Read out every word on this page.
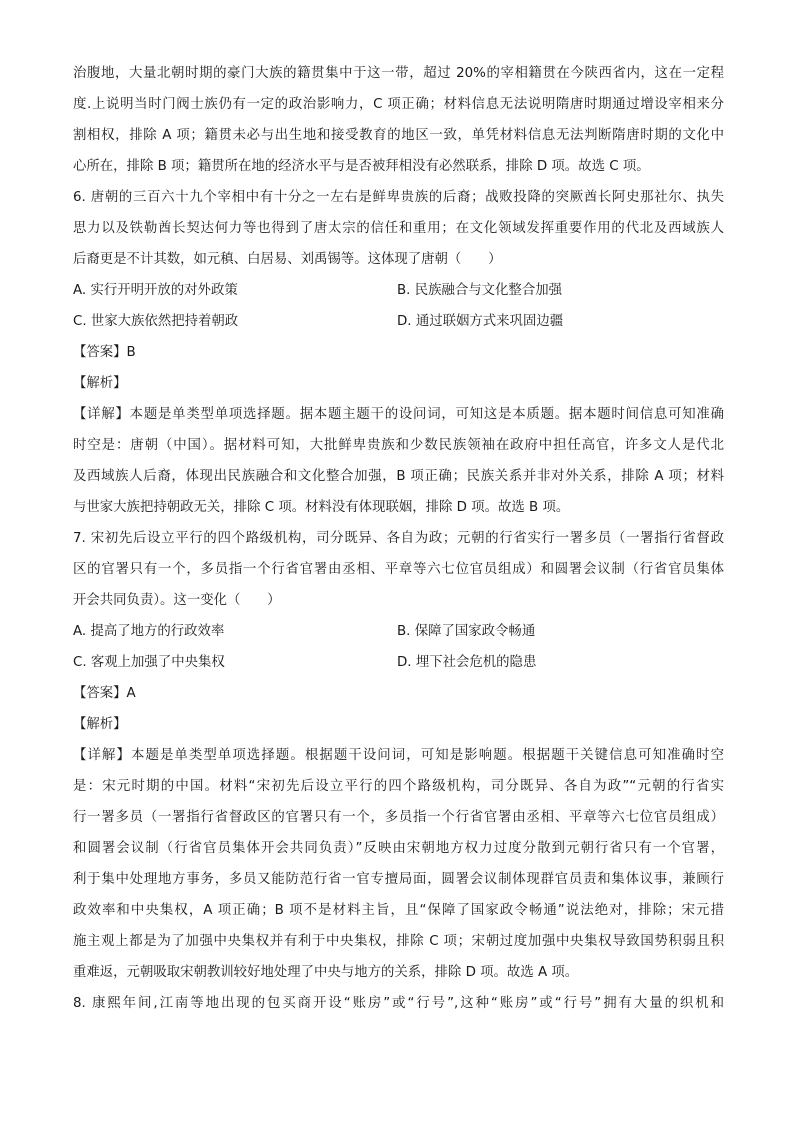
治腹地，大量北朝时期的豪门大族的籍贯集中于这一带，超过 20%的宰相籍贯在今陕西省内，这在一定程
度.上说明当时门阀士族仍有一定的政治影响力，C 项正确；材料信息无法说明隋唐时期通过增设宰相来分
割相权，排除 A 项；籍贯未必与出生地和接受教育的地区一致，单凭材料信息无法判断隋唐时期的文化中
心所在，排除 B 项；籍贯所在地的经济水平与是否被拜相没有必然联系，排除 D 项。故选 C 项。
6. 唐朝的三百六十九个宰相中有十分之一左右是鲜卑贵族的后裔；战败投降的突厥酋长阿史那社尔、执失
思力以及铁勒酋长契达何力等也得到了唐太宗的信任和重用；在文化领域发挥重要作用的代北及西域族人
后裔更是不计其数，如元稹、白居易、刘禹锡等。这体现了唐朝（　　）
A. 实行开明开放的对外政策	B. 民族融合与文化整合加强
C. 世家大族依然把持着朝政	D. 通过联姻方式来巩固边疆
【答案】B
【解析】
【详解】本题是单类型单项选择题。据本题主题干的设问词，可知这是本质题。据本题时间信息可知准确
时空是：唐朝（中国）。据材料可知，大批鲜卑贵族和少数民族领袖在政府中担任高官，许多文人是代北
及西域族人后裔，体现出民族融合和文化整合加强，B 项正确；民族关系并非对外关系，排除 A 项；材料
与世家大族把持朝政无关，排除 C 项。材料没有体现联姻，排除 D 项。故选 B 项。
7. 宋初先后设立平行的四个路级机构，司分既异、各自为政；元朝的行省实行一署多员（一署指行省督政
区的官署只有一个，多员指一个行省官署由丞相、平章等六七位官员组成）和圆署会议制（行省官员集体
开会共同负责）。这一变化（　　）
A. 提高了地方的行政效率	B. 保障了国家政令畅通
C. 客观上加强了中央集权	D. 埋下社会危机的隐患
【答案】A
【解析】
【详解】本题是单类型单项选择题。根据题干设问词，可知是影响题。根据题干关键信息可知准确时空
是：宋元时期的中国。材料“宋初先后设立平行的四个路级机构，司分既异、各自为政”“元朝的行省实
行一署多员（一署指行省督政区的官署只有一个，多员指一个行省官署由丞相、平章等六七位官员组成）
和圆署会议制（行省官员集体开会共同负责）”反映由宋朝地方权力过度分散到元朝行省只有一个官署，
利于集中处理地方事务，多员又能防范行省一官专擅局面，圆署会议制体现群官员责和集体议事，兼顾行
政效率和中央集权，A 项正确；B 项不是材料主旨，且“保障了国家政令畅通”说法绝对，排除；宋元措
施主观上都是为了加强中央集权并有利于中央集权，排除 C 项；宋朝过度加强中央集权导致国势积弱且积
重难返，元朝吸取宋朝教训较好地处理了中央与地方的关系，排除 D 项。故选 A 项。
8. 康熙年间,江南等地出现的包买商开设“账房”或“行号”,这种“账房”或“行号”拥有大量的织机和
